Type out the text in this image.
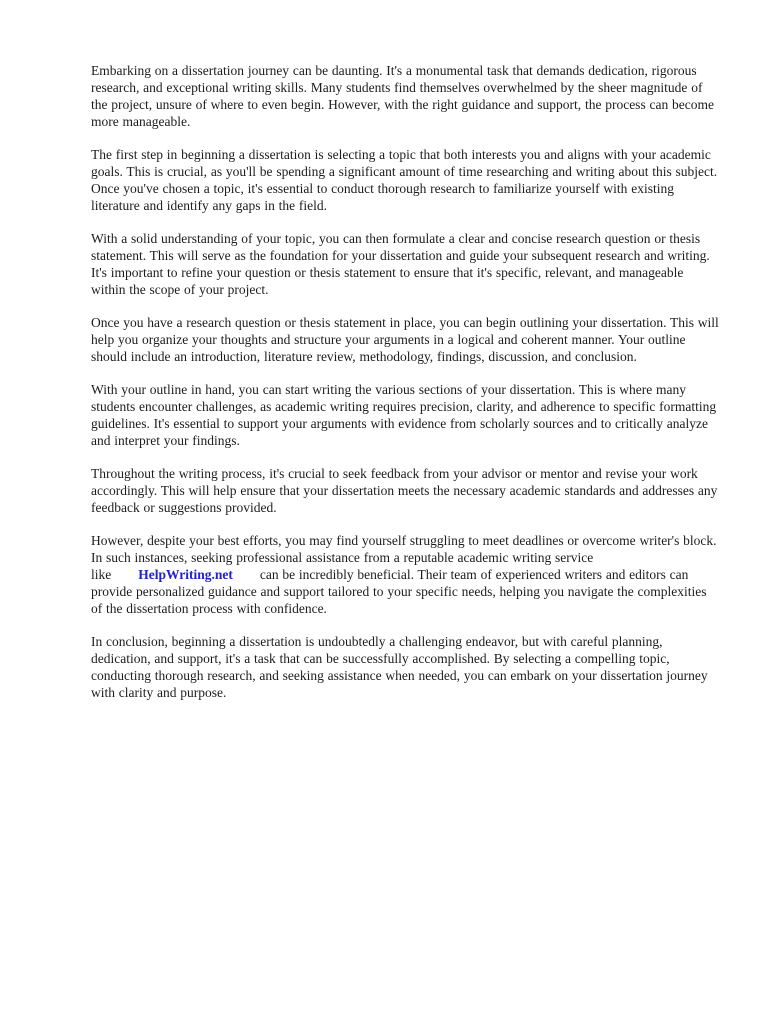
Embarking on a dissertation journey can be daunting. It's a monumental task that demands dedication, rigorous research, and exceptional writing skills. Many students find themselves overwhelmed by the sheer magnitude of the project, unsure of where to even begin. However, with the right guidance and support, the process can become more manageable.

The first step in beginning a dissertation is selecting a topic that both interests you and aligns with your academic goals. This is crucial, as you'll be spending a significant amount of time researching and writing about this subject. Once you've chosen a topic, it's essential to conduct thorough research to familiarize yourself with existing literature and identify any gaps in the field.

With a solid understanding of your topic, you can then formulate a clear and concise research question or thesis statement. This will serve as the foundation for your dissertation and guide your subsequent research and writing. It's important to refine your question or thesis statement to ensure that it's specific, relevant, and manageable within the scope of your project.

Once you have a research question or thesis statement in place, you can begin outlining your dissertation. This will help you organize your thoughts and structure your arguments in a logical and coherent manner. Your outline should include an introduction, literature review, methodology, findings, discussion, and conclusion.

With your outline in hand, you can start writing the various sections of your dissertation. This is where many students encounter challenges, as academic writing requires precision, clarity, and adherence to specific formatting guidelines. It's essential to support your arguments with evidence from scholarly sources and to critically analyze and interpret your findings.

Throughout the writing process, it's crucial to seek feedback from your advisor or mentor and revise your work accordingly. This will help ensure that your dissertation meets the necessary academic standards and addresses any feedback or suggestions provided.

However, despite your best efforts, you may find yourself struggling to meet deadlines or overcome writer's block. In such instances, seeking professional assistance from a reputable academic writing service like HelpWriting.net can be incredibly beneficial. Their team of experienced writers and editors can provide personalized guidance and support tailored to your specific needs, helping you navigate the complexities of the dissertation process with confidence.

In conclusion, beginning a dissertation is undoubtedly a challenging endeavor, but with careful planning, dedication, and support, it's a task that can be successfully accomplished. By selecting a compelling topic, conducting thorough research, and seeking assistance when needed, you can embark on your dissertation journey with clarity and purpose.
